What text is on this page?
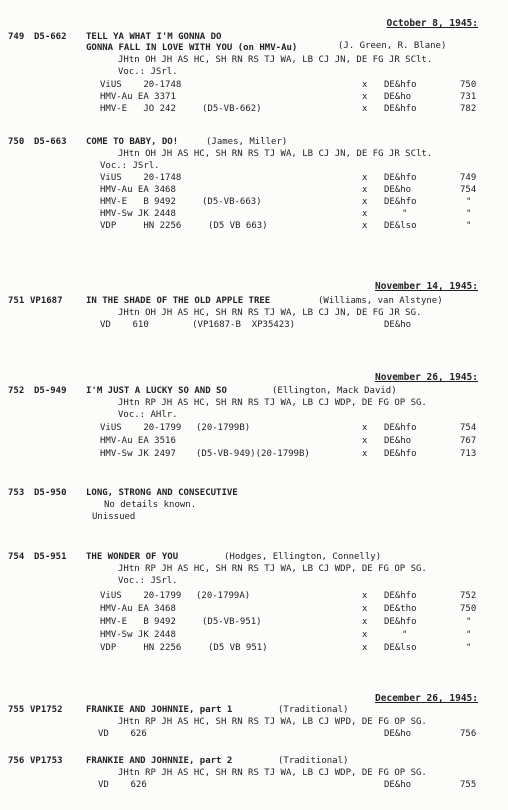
October 8, 1945:
November 14, 1945:
November 26, 1945:
December 26, 1945:
749 D5-662 TELL YA WHAT I'M GONNA DO
GONNA FALL IN LOVE WITH YOU (on HMV-Au)	(J. Green, R. Blane)
JHtn OH JH AS HC, SH RN RS TJ WA, LB CJ JN, DE FG JR SClt.
Voc.: JSrl.
ViUS    20-1748	x DE&hfo	750
HMV-Au EA 3371	x DE&ho	731
HMV-E   JO 242	(D5-VB-662)	x DE&hfo	782
750 D5-663 COME TO BABY, DO!	(James, Miller)
JHtn OH JH AS HC, SH RN RS TJ WA, LB CJ JN, DE FG JR SClt.
Voc.: JSrl.
ViUS    20-1748	x DE&hfo	749
HMV-Au EA 3468	x DE&ho	754
HMV-E   B 9492	(D5-VB-663)	x DE&hfo	"
HMV-Sw JK 2448	x	"	"
VDP     HN 2256	(D5 VB 663)	x DE&lso	"
751 VP1687	IN THE SHADE OF THE OLD APPLE TREE	(Williams, van Alstyne)
JHtn OH JH AS HC, SH RN RS TJ WA, LB CJ JN, DE FG JR SG.
VD    610        (VP1687-B  XP35423)	DE&ho
752 D5-949 I'M JUST A LUCKY SO AND SO	(Ellington, Mack David)
JHtn RP JH AS HC, SH RN RS TJ WA, LB CJ WDP, DE FG OP SG.
Voc.: AHlr.
ViUS    20-1799 (20-1799B)	x DE&hfo	754
HMV-Au EA 3516	x DE&ho	767
HMV-Sw JK 2497 (D5-VB-949)(20-1799B)	x DE&hfo	713
753 D5-950 LONG, STRONG AND CONSECUTIVE
No details known.
Unissued
754 D5-951 THE WONDER OF YOU	(Hodges, Ellington, Connelly)
JHtn RP JH AS HC, SH RN RS TJ WA, LB CJ WDP, DE FG OP SG.
Voc.: JSrl.
ViUS    20-1799 (20-1799A)	x DE&hfo	752
HMV-Au EA 3468	x DE&tho	750
HMV-E   B 9492	(D5-VB-951)	x DE&hfo	"
HMV-Sw JK 2448	x	"	"
VDP     HN 2256	(D5 VB 951)	x DE&lso	"
755 VP1752	FRANKIE AND JOHNNIE, part 1	(Traditional)
JHtn RP JH AS HC, SH RN RS TJ WA, LB CJ WPD, DE FG OP SG.
VD    626	DE&ho	756
756 VP1753	FRANKIE AND JOHNNIE, part 2	(Traditional)
JHtn RP JH AS HC, SH RN RS TJ WA, LB CJ WDP, DE FG OP SG.
VD    626	DE&ho	755
